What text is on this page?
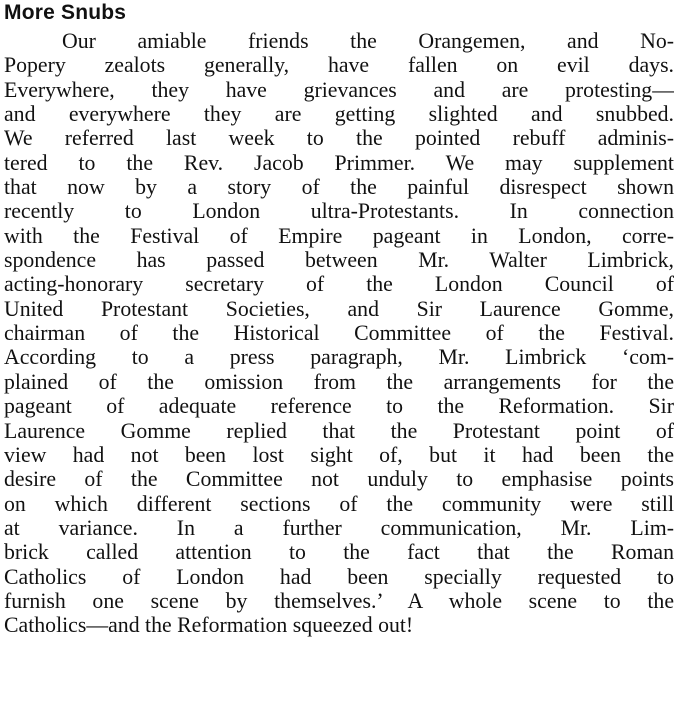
More Snubs
Our amiable friends the Orangemen, and No-
Popery zealots generally, have fallen on evil days.
Everywhere, they have grievances and are protesting—
and everywhere they are getting slighted and snubbed.
We referred last week to the pointed rebuff adminis-
tered to the Rev. Jacob Primmer. We may supplement
that now by a story of the painful disrespect shown
recently to London ultra-Protestants. In connection
with the Festival of Empire pageant in London, corre-
spondence has passed between Mr. Walter Limbrick,
acting-honorary secretary of the London Council of
United Protestant Societies, and Sir Laurence Gomme,
chairman of the Historical Committee of the Festival.
According to a press paragraph, Mr. Limbrick ‘com-
plained of the omission from the arrangements for the
pageant of adequate reference to the Reformation. Sir
Laurence Gomme replied that the Protestant point of
view had not been lost sight of, but it had been the
desire of the Committee not unduly to emphasise points
on which different sections of the community were still
at variance. In a further communication, Mr. Lim-
brick called attention to the fact that the Roman
Catholics of London had been specially requested to
furnish one scene by themselves.’ A whole scene to the
Catholics—and the Reformation squeezed out!
